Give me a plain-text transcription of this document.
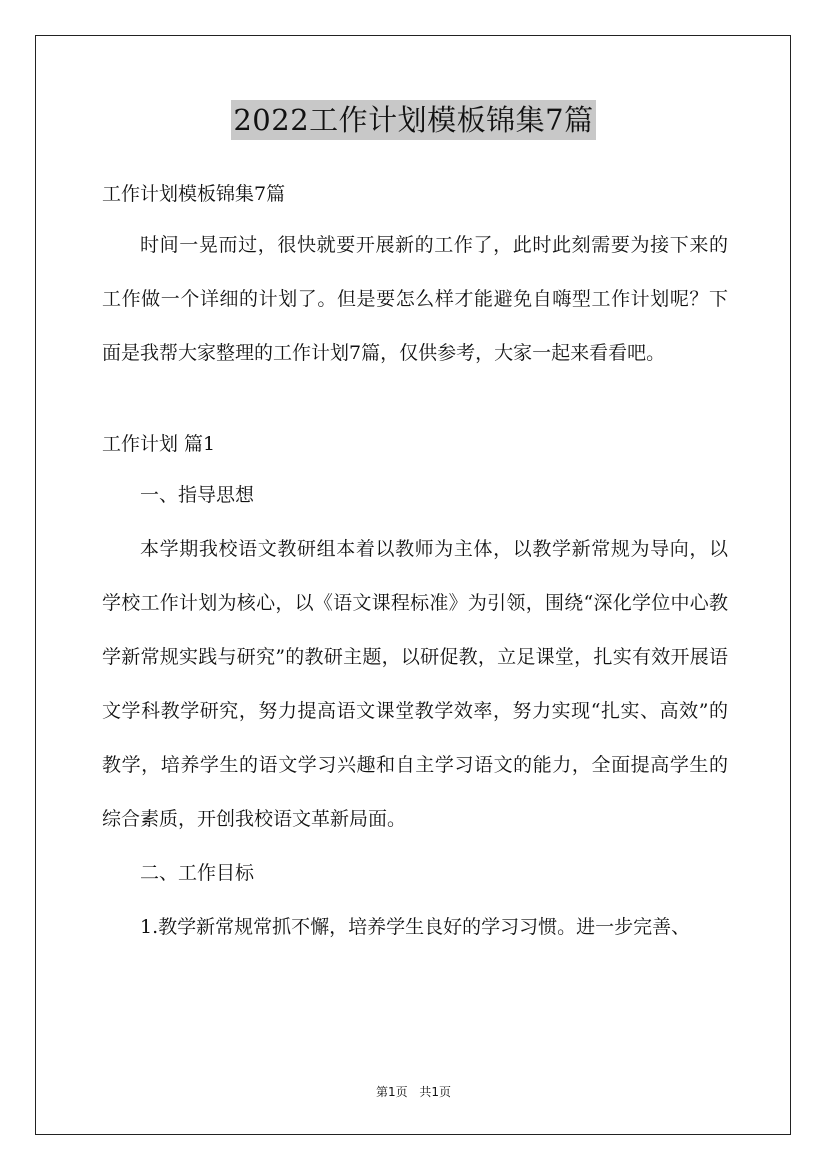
2022工作计划模板锦集7篇
工作计划模板锦集7篇
时间一晃而过，很快就要开展新的工作了，此时此刻需要为接下来的工作做一个详细的计划了。但是要怎么样才能避免自嗨型工作计划呢？下面是我帮大家整理的工作计划7篇，仅供参考，大家一起来看看吧。
工作计划 篇1
一、指导思想
本学期我校语文教研组本着以教师为主体，以教学新常规为导向，以学校工作计划为核心，以《语文课程标准》为引领，围绕“深化学位中心教学新常规实践与研究”的教研主题，以研促教，立足课堂，扎实有效开展语文学科教学研究，努力提高语文课堂教学效率，努力实现“扎实、高效”的教学，培养学生的语文学习兴趣和自主学习语文的能力，全面提高学生的综合素质，开创我校语文革新局面。
二、工作目标
1.教学新常规常抓不懈，培养学生良好的学习习惯。进一步完善、
第1页 共1页
